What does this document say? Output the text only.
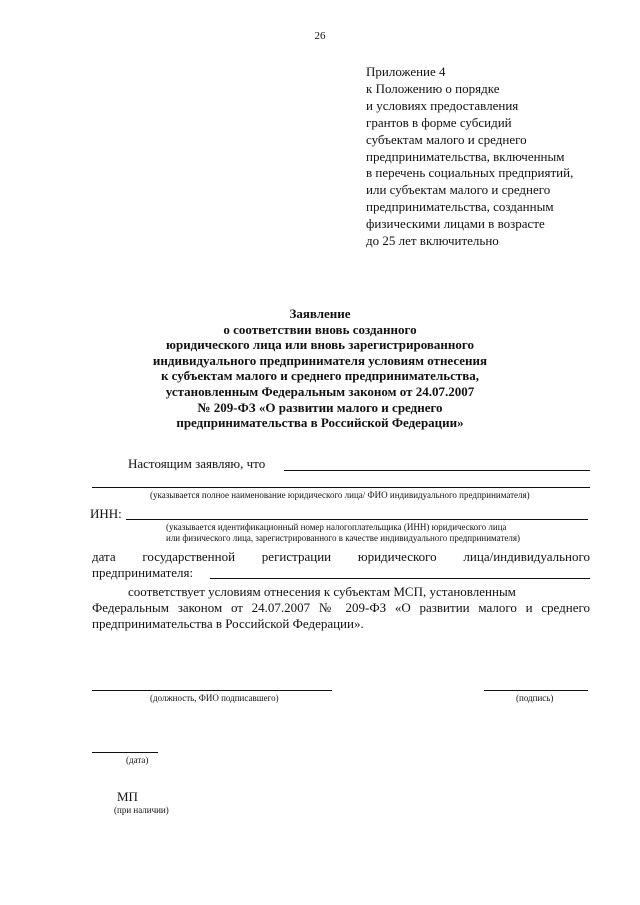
26
Приложение 4
к Положению о порядке
и условиях предоставления
грантов в форме субсидий
субъектам малого и среднего
предпринимательства, включенным
в перечень социальных предприятий,
или субъектам малого и среднего
предпринимательства, созданным
физическими лицами в возрасте
до 25 лет включительно
Заявление
о соответствии вновь созданного
юридического лица или вновь зарегистрированного
индивидуального предпринимателя условиям отнесения
к субъектам малого и среднего предпринимательства,
установленным Федеральным законом от 24.07.2007
№ 209-ФЗ «О развитии малого и среднего
предпринимательства в Российской Федерации»
Настоящим заявляю, что
(указывается полное наименование юридического лица/ ФИО индивидуального предпринимателя)
ИНН:
(указывается идентификационный номер налогоплательщика (ИНН) юридического лица
или физического лица, зарегистрированного в качестве индивидуального предпринимателя)
дата государственной регистрации юридического лица/индивидуального
предпринимателя:
соответствует условиям отнесения к субъектам МСП, установленным
Федеральным законом от 24.07.2007 № 209-ФЗ «О развитии малого и среднего
предпринимательства в Российской Федерации».
(должность, ФИО подписавшего)	(подпись)
(дата)
МП
(при наличии)
